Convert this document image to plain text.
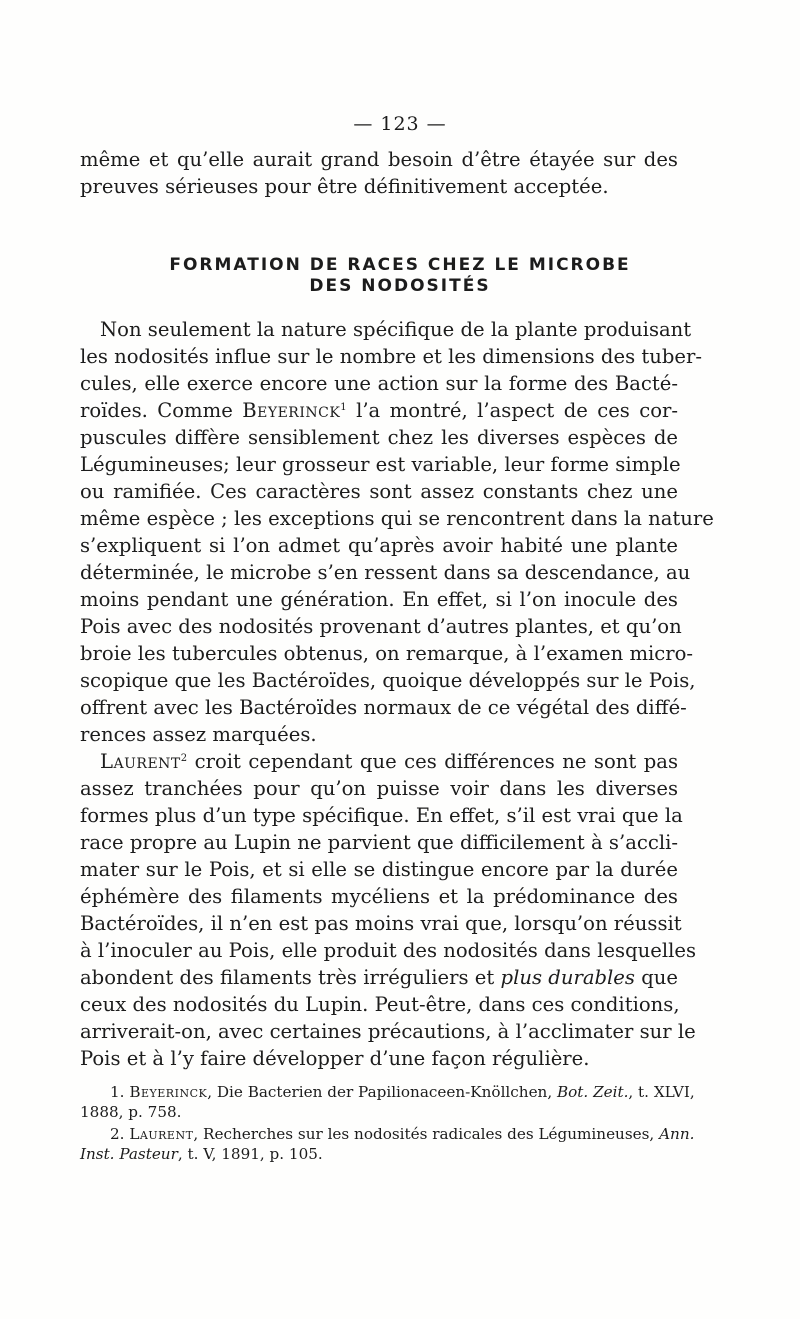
— 123 —
même et qu’elle aurait grand besoin d’être étayée sur des
preuves sérieuses pour être définitivement acceptée.
FORMATION DE RACES CHEZ LE MICROBE
DES NODOSITÉS
Non seulement la nature spécifique de la plante produisant
les nodosités influe sur le nombre et les dimensions des tuber-
cules, elle exerce encore une action sur la forme des Bacté-
roïdes. Comme Beyerinck$^1$ l’a montré, l’aspect de ces cor-
puscules diffère sensiblement chez les diverses espèces de
Légumineuses; leur grosseur est variable, leur forme simple
ou ramifiée. Ces caractères sont assez constants chez une
même espèce ; les exceptions qui se rencontrent dans la nature
s’expliquent si l’on admet qu’après avoir habité une plante
déterminée, le microbe s’en ressent dans sa descendance, au
moins pendant une génération. En effet, si l’on inocule des
Pois avec des nodosités provenant d’autres plantes, et qu’on
broie les tubercules obtenus, on remarque, à l’examen micro-
scopique que les Bactéroïdes, quoique développés sur le Pois,
offrent avec les Bactéroïdes normaux de ce végétal des diffé-
rences assez marquées.
Laurent$^2$ croit cependant que ces différences ne sont pas
assez tranchées pour qu’on puisse voir dans les diverses
formes plus d’un type spécifique. En effet, s’il est vrai que la
race propre au Lupin ne parvient que difficilement à s’accli-
mater sur le Pois, et si elle se distingue encore par la durée
éphémère des filaments mycéliens et la prédominance des
Bactéroïdes, il n’en est pas moins vrai que, lorsqu’on réussit
à l’inoculer au Pois, elle produit des nodosités dans lesquelles
abondent des filaments très irréguliers et plus durables que
ceux des nodosités du Lupin. Peut-être, dans ces conditions,
arriverait-on, avec certaines précautions, à l’acclimater sur le
Pois et à l’y faire développer d’une façon régulière.
1. Beyerinck, Die Bacterien der Papilionaceen-Knöllchen, Bot. Zeit., t. XLVI,
1888, p. 758.
2. Laurent, Recherches sur les nodosités radicales des Légumineuses, Ann.
Inst. Pasteur, t. V, 1891, p. 105.
